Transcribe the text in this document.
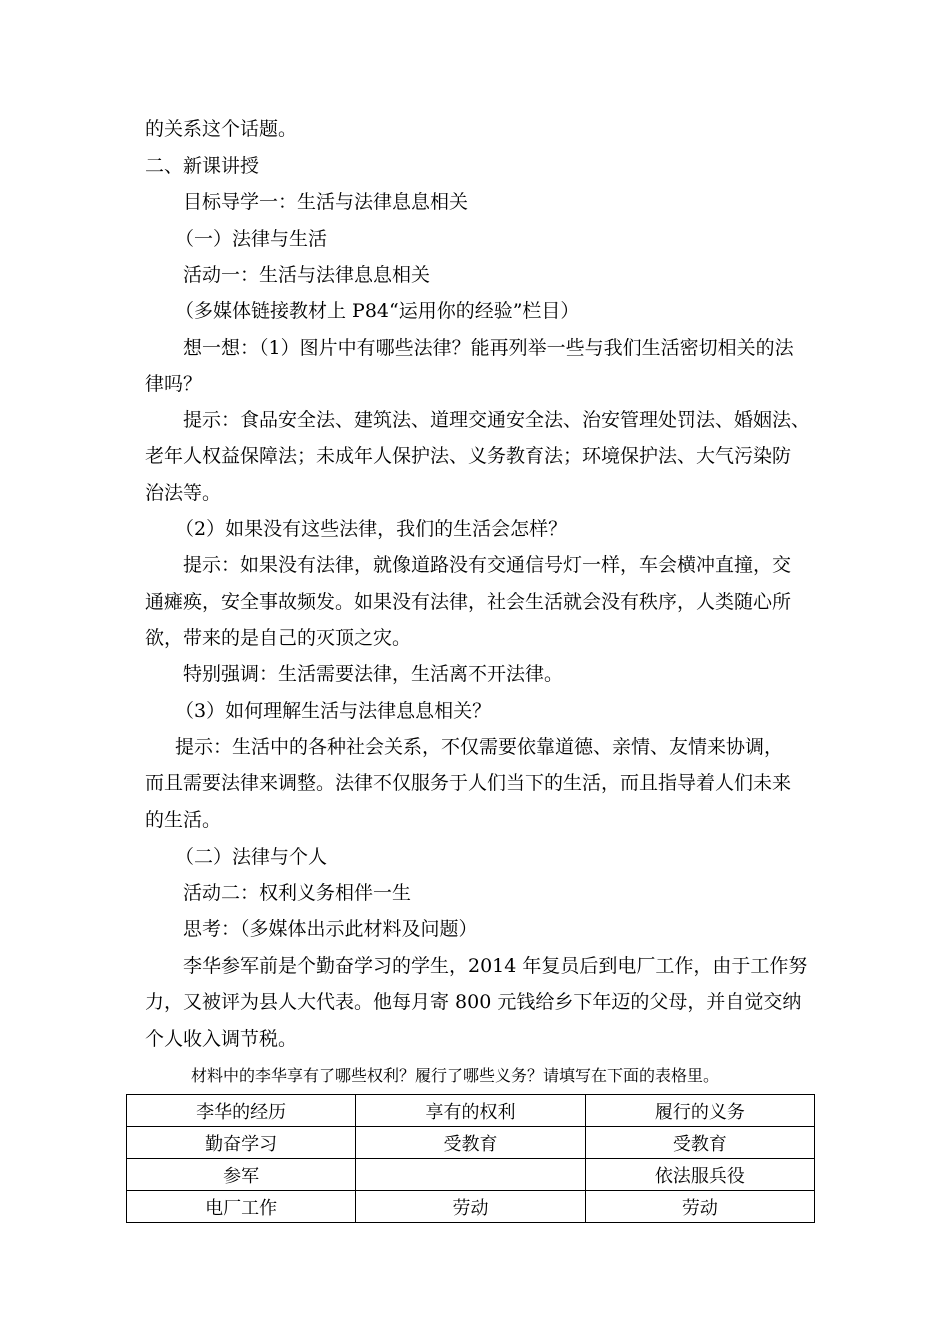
的关系这个话题。
二、新课讲授
目标导学一：生活与法律息息相关
（一）法律与生活
活动一：生活与法律息息相关
（多媒体链接教材上 P84“运用你的经验”栏目）
想一想：（1）图片中有哪些法律？能再列举一些与我们生活密切相关的法
律吗？
提示：食品安全法、建筑法、道理交通安全法、治安管理处罚法、婚姻法、
老年人权益保障法；未成年人保护法、义务教育法；环境保护法、大气污染防
治法等。
（2）如果没有这些法律，我们的生活会怎样？
提示：如果没有法律，就像道路没有交通信号灯一样，车会横冲直撞，交
通瘫痪，安全事故频发。如果没有法律，社会生活就会没有秩序，人类随心所
欲，带来的是自己的灭顶之灾。
特别强调：生活需要法律，生活离不开法律。
（3）如何理解生活与法律息息相关？
提示：生活中的各种社会关系，不仅需要依靠道德、亲情、友情来协调，
而且需要法律来调整。法律不仅服务于人们当下的生活，而且指导着人们未来
的生活。
（二）法律与个人
活动二：权利义务相伴一生
思考：（多媒体出示此材料及问题）
李华参军前是个勤奋学习的学生，2014 年复员后到电厂工作，由于工作努
力，又被评为县人大代表。他每月寄 800 元钱给乡下年迈的父母，并自觉交纳
个人收入调节税。
材料中的李华享有了哪些权利？履行了哪些义务？请填写在下面的表格里。
李华的经历	享有的权利	履行的义务
勤奋学习	受教育	受教育
参军		依法服兵役
电厂工作	劳动	劳动
